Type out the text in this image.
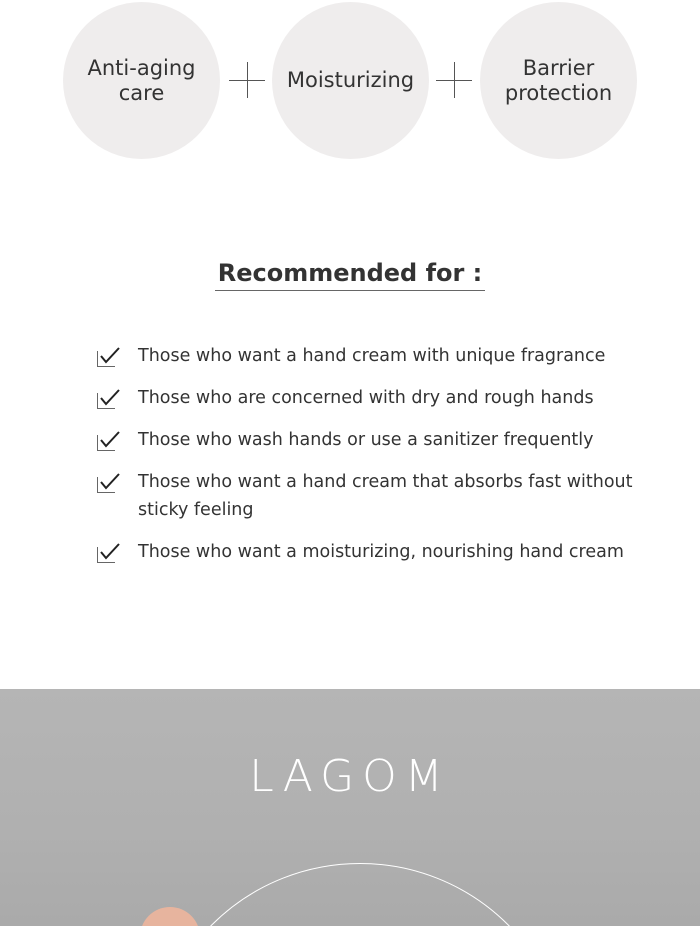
Anti-aging
care
Moisturizing
Barrier
protection
Recommended for :
Those who want a hand cream with unique fragrance
Those who are concerned with dry and rough hands
Those who wash hands or use a sanitizer frequently
Those who want a hand cream that absorbs fast without sticky feeling
Those who want a moisturizing, nourishing hand cream
LAGOM
